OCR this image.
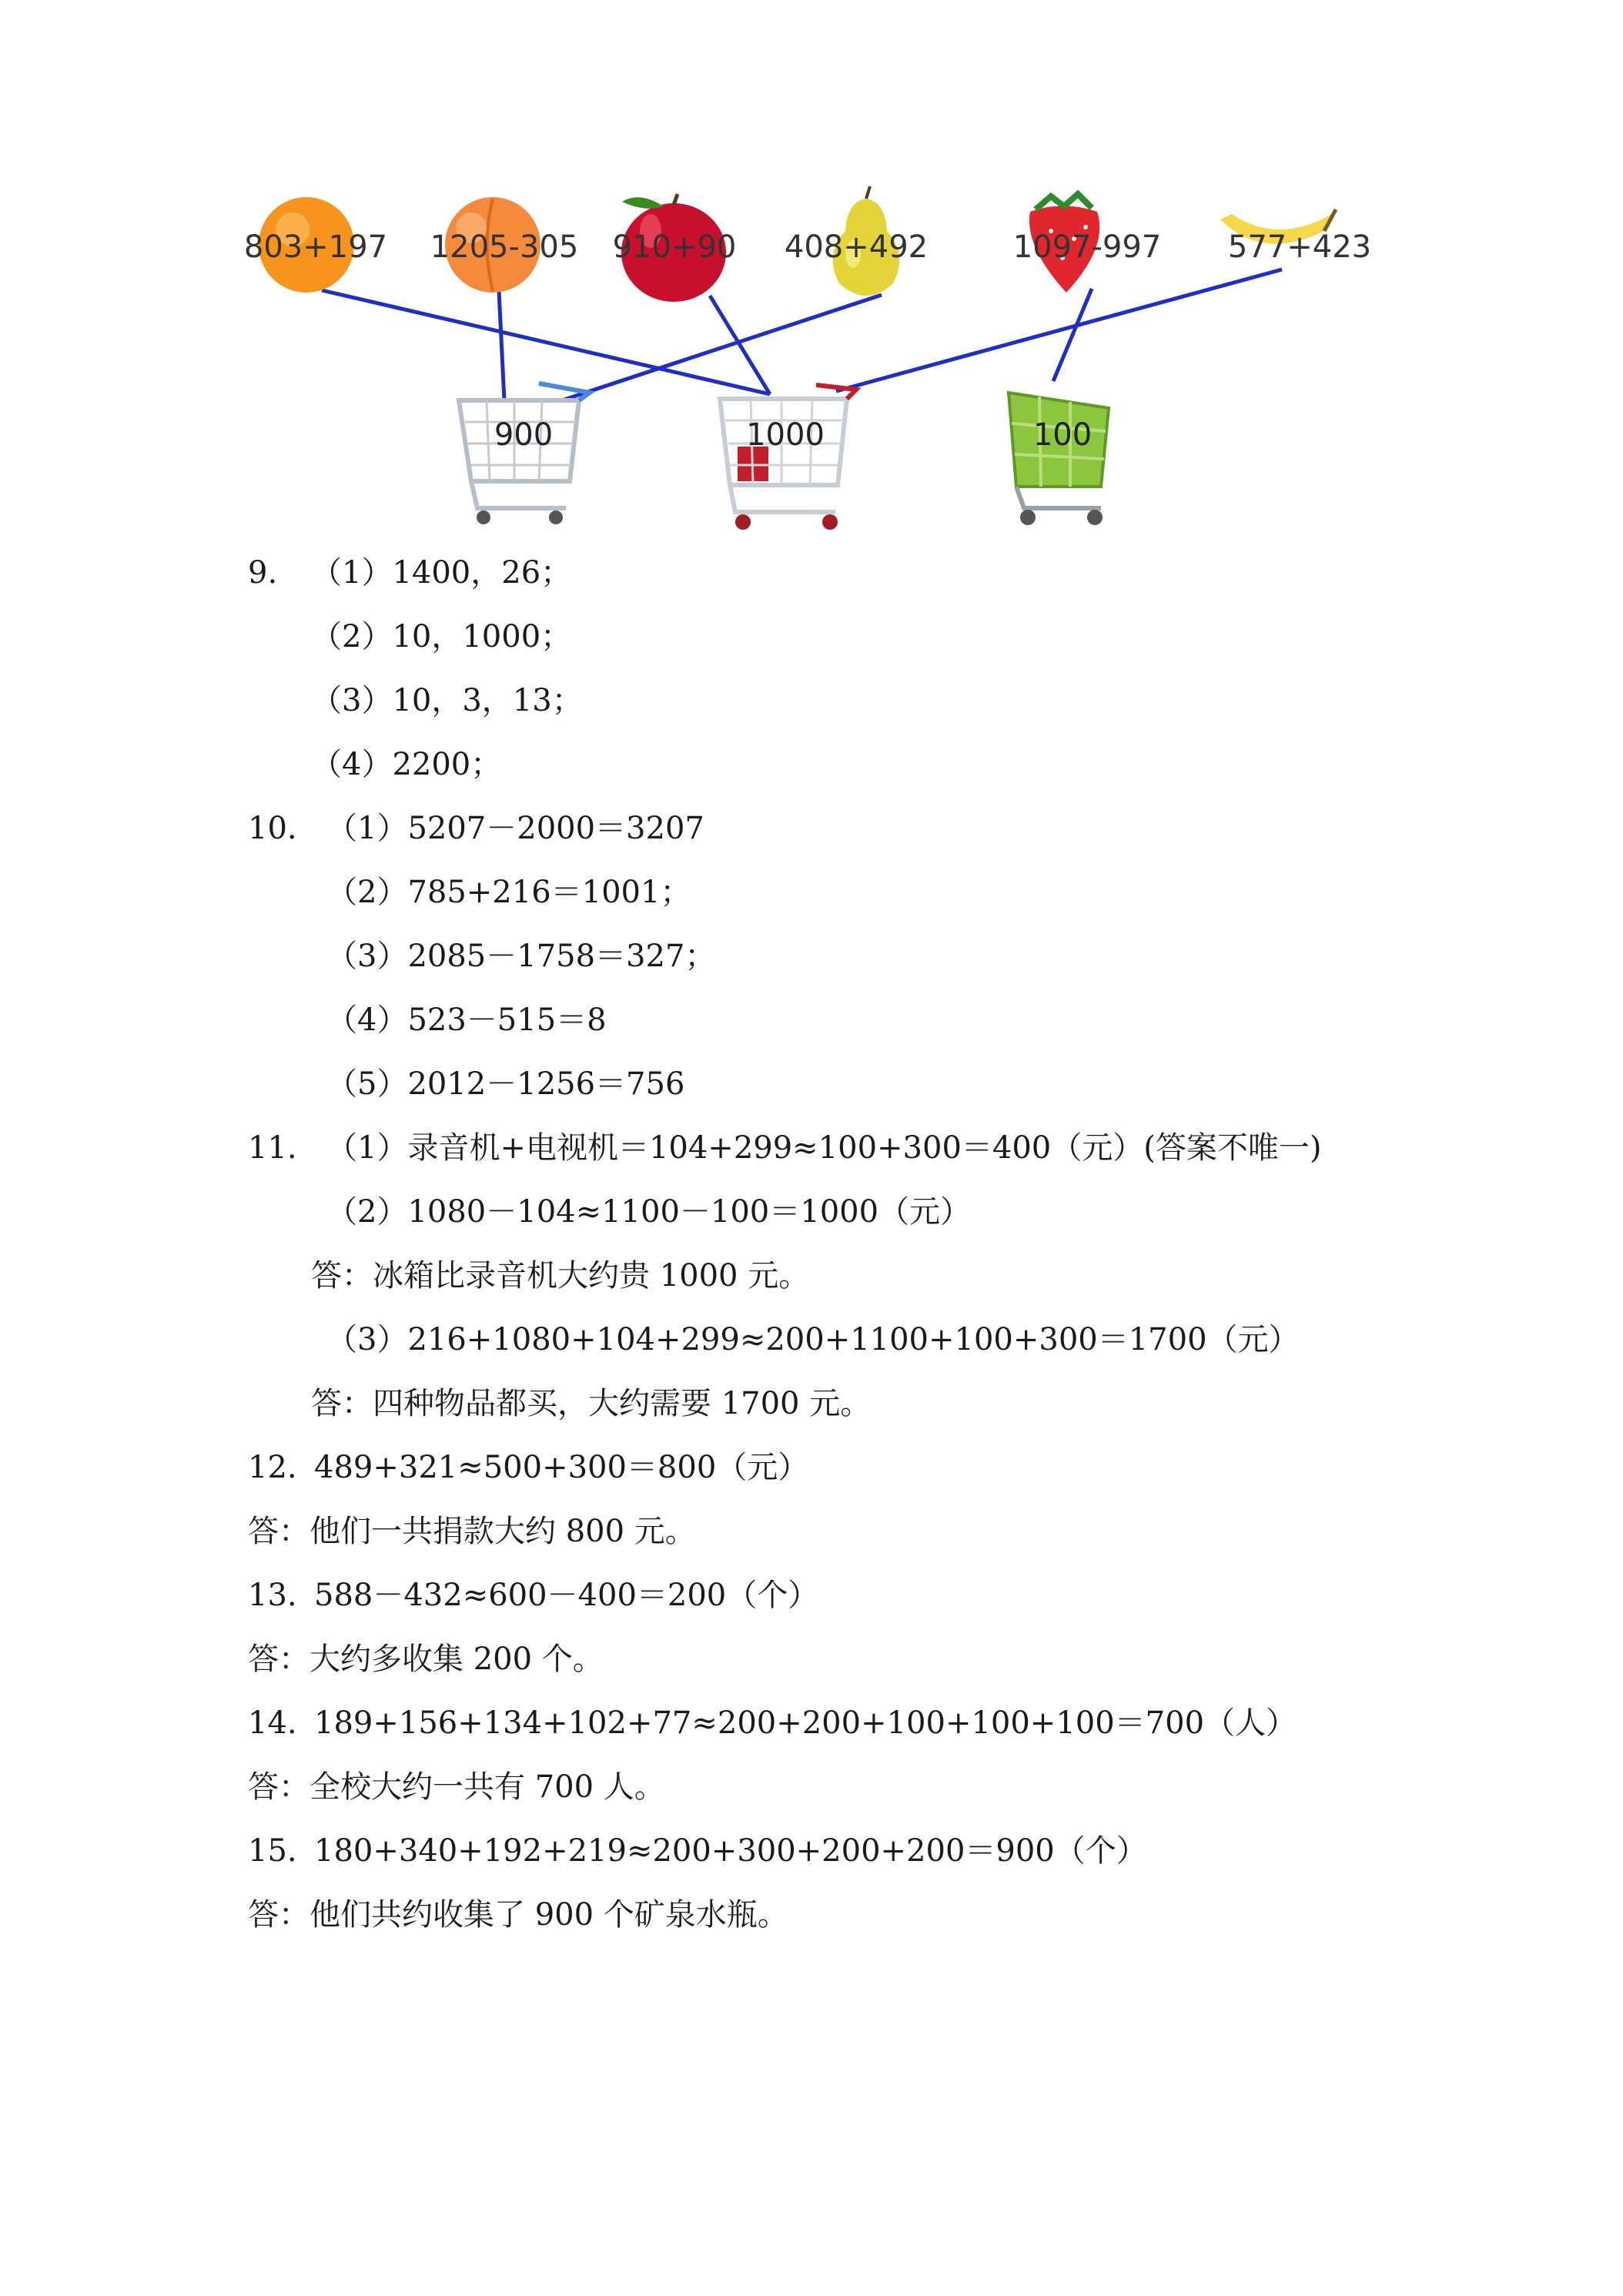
803+197 1205-305 910+90 408+492	1097-997 577+423
900	1000	100
9. （1）1400，26；
（2）10，1000；
（3）10，3，13；
（4）2200；
10. （1）5207－2000＝3207
（2）785+216＝1001；
（3）2085－1758＝327；
（4）523－515＝8
（5）2012－1256＝756
11. （1）录音机+电视机＝104+299≈100+300＝400（元）(答案不唯一)
（2）1080－104≈1100－100＝1000（元）
答：冰箱比录音机大约贵 1000 元。
（3）216+1080+104+299≈200+1100+100+300＝1700（元）
答：四种物品都买，大约需要 1700 元。
12. 489+321≈500+300＝800（元）
答：他们一共捐款大约 800 元。
13. 588－432≈600－400＝200（个）
答：大约多收集 200 个。
14. 189+156+134+102+77≈200+200+100+100+100＝700（人）
答：全校大约一共有 700 人。
15. 180+340+192+219≈200+300+200+200＝900（个）
答：他们共约收集了 900 个矿泉水瓶。
